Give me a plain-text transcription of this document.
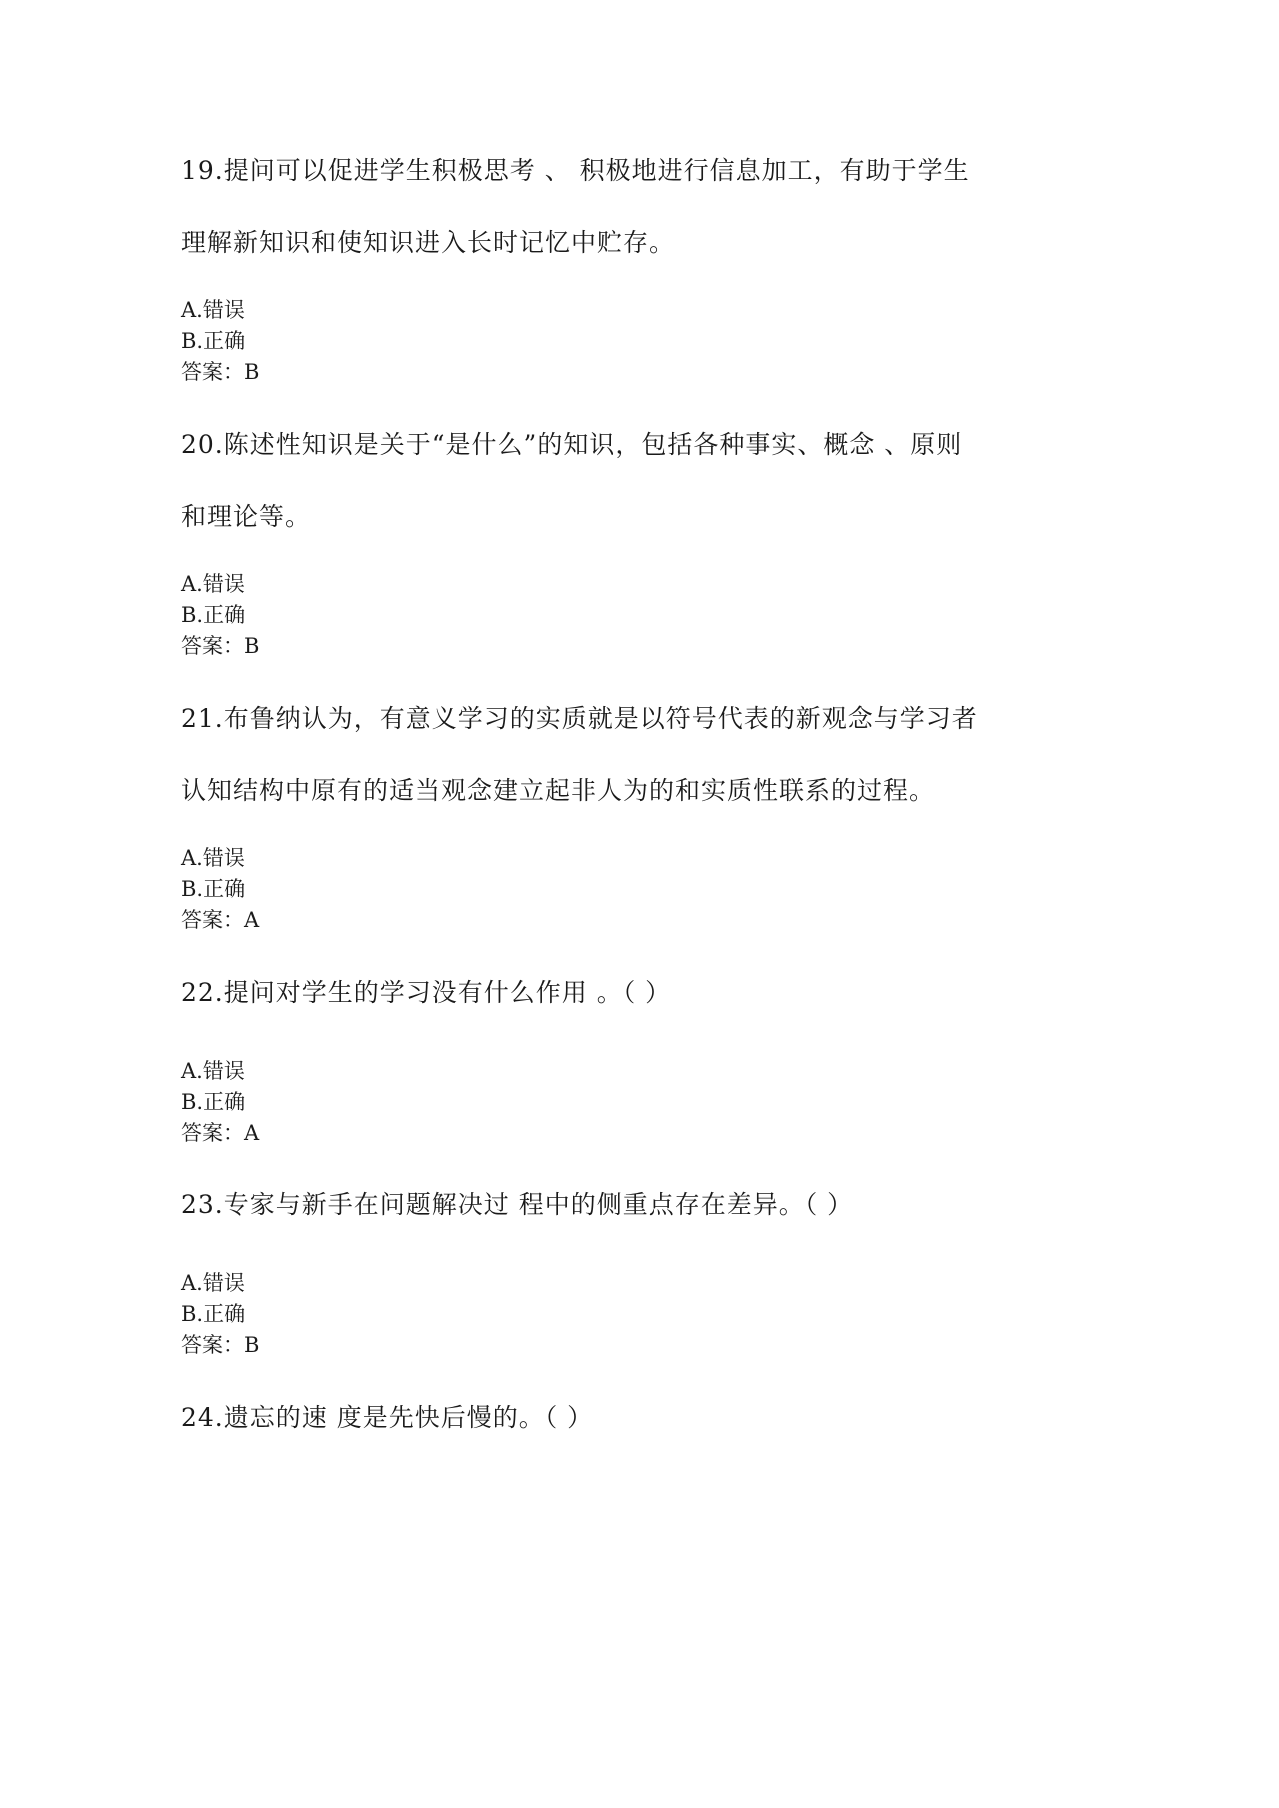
19.提问可以促进学生积极思考 、 积极地进行信息加工，有助于学生
理解新知识和使知识进入长时记忆中贮存。
A.错误
B.正确
答案：B
20.陈述性知识是关于“是什么”的知识，包括各种事实、概念 、原则
和理论等。
A.错误
B.正确
答案：B
21.布鲁纳认为，有意义学习的实质就是以符号代表的新观念与学习者
认知结构中原有的适当观念建立起非人为的和实质性联系的过程。
A.错误
B.正确
答案：A
22.提问对学生的学习没有什么作用 。（ ）
A.错误
B.正确
答案：A
23.专家与新手在问题解决过 程中的侧重点存在差异。（ ）
A.错误
B.正确
答案：B
24.遗忘的速 度是先快后慢的。（ ）
